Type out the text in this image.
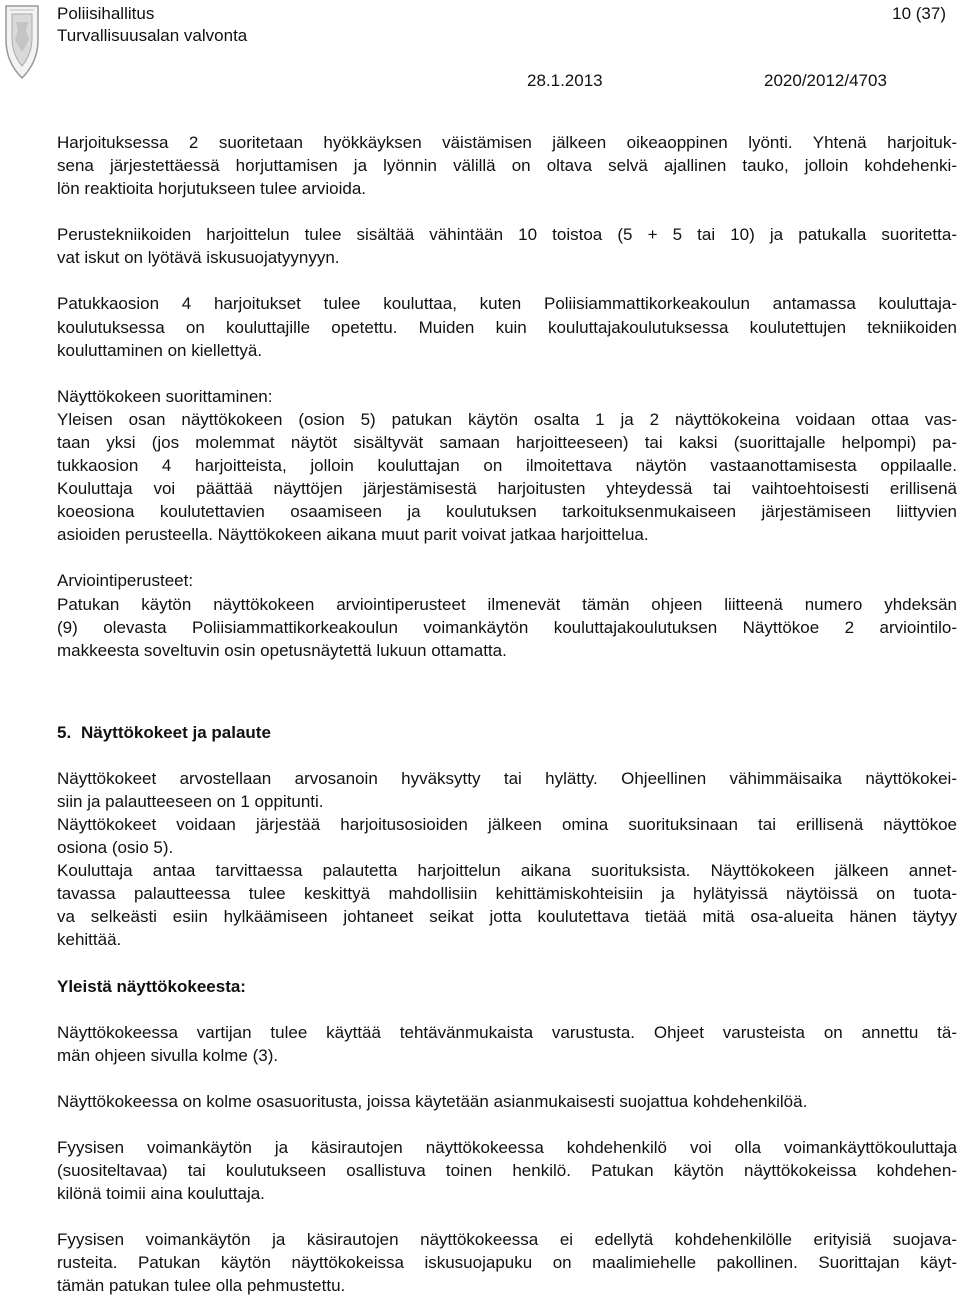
Poliisihallitus
Turvallisuusalan valvonta
10 (37)
28.1.2013	2020/2012/4703
Harjoituksessa 2 suoritetaan hyökkäyksen väistämisen jälkeen oikeaoppinen lyönti. Yhtenä harjoituk-
sena järjestettäessä horjuttamisen ja lyönnin välillä on oltava selvä ajallinen tauko, jolloin kohdehenki-
lön reaktioita horjutukseen tulee arvioida.
Perustekniikoiden harjoittelun tulee sisältää vähintään 10 toistoa (5 + 5 tai 10) ja patukalla suoritetta-
vat iskut on lyötävä iskusuojatyynyyn.
Patukkaosion 4 harjoitukset tulee kouluttaa, kuten Poliisiammattikorkeakoulun antamassa kouluttaja-
koulutuksessa on kouluttajille opetettu. Muiden kuin kouluttajakoulutuksessa koulutettujen tekniikoiden
kouluttaminen on kiellettyä.
Näyttökokeen suorittaminen:
Yleisen osan näyttökokeen (osion 5) patukan käytön osalta 1 ja 2 näyttökokeina voidaan ottaa vas-
taan yksi (jos molemmat näytöt sisältyvät samaan harjoitteeseen) tai kaksi (suorittajalle helpompi) pa-
tukkaosion 4 harjoitteista, jolloin kouluttajan on ilmoitettava näytön vastaanottamisesta oppilaalle.
Kouluttaja voi päättää näyttöjen järjestämisestä harjoitusten yhteydessä tai vaihtoehtoisesti erillisenä
koeosiona koulutettavien osaamiseen ja koulutuksen tarkoituksenmukaiseen järjestämiseen liittyvien
asioiden perusteella. Näyttökokeen aikana muut parit voivat jatkaa harjoittelua.
Arviointiperusteet:
Patukan käytön näyttökokeen arviointiperusteet ilmenevät tämän ohjeen liitteenä numero yhdeksän
(9) olevasta Poliisiammattikorkeakoulun voimankäytön kouluttajakoulutuksen Näyttökoe 2 arviointilo-
makkeesta soveltuvin osin opetusnäytettä lukuun ottamatta.
5. Näyttökokeet ja palaute
Näyttökokeet arvostellaan arvosanoin hyväksytty tai hylätty. Ohjeellinen vähimmäisaika näyttökokei-
siin ja palautteeseen on 1 oppitunti.
Näyttökokeet voidaan järjestää harjoitusosioiden jälkeen omina suorituksinaan tai erillisenä näyttökoe
osiona (osio 5).
Kouluttaja antaa tarvittaessa palautetta harjoittelun aikana suorituksista. Näyttökokeen jälkeen annet-
tavassa palautteessa tulee keskittyä mahdollisiin kehittämiskohteisiin ja hylätyissä näytöissä on tuota-
va selkeästi esiin hylkäämiseen johtaneet seikat jotta koulutettava tietää mitä osa-alueita hänen täytyy
kehittää.
Yleistä näyttökokeesta:
Näyttökokeessa vartijan tulee käyttää tehtävänmukaista varustusta. Ohjeet varusteista on annettu tä-
män ohjeen sivulla kolme (3).
Näyttökokeessa on kolme osasuoritusta, joissa käytetään asianmukaisesti suojattua kohdehenkilöä.
Fyysisen voimankäytön ja käsirautojen näyttökokeessa kohdehenkilö voi olla voimankäyttökouluttaja
(suositeltavaa) tai koulutukseen osallistuva toinen henkilö. Patukan käytön näyttökokeissa kohdehen-
kilönä toimii aina kouluttaja.
Fyysisen voimankäytön ja käsirautojen näyttökokeessa ei edellytä kohdehenkilölle erityisiä suojava-
rusteita. Patukan käytön näyttökokeissa iskusuojapuku on maalimiehelle pakollinen. Suorittajan käyt-
tämän patukan tulee olla pehmustettu.
